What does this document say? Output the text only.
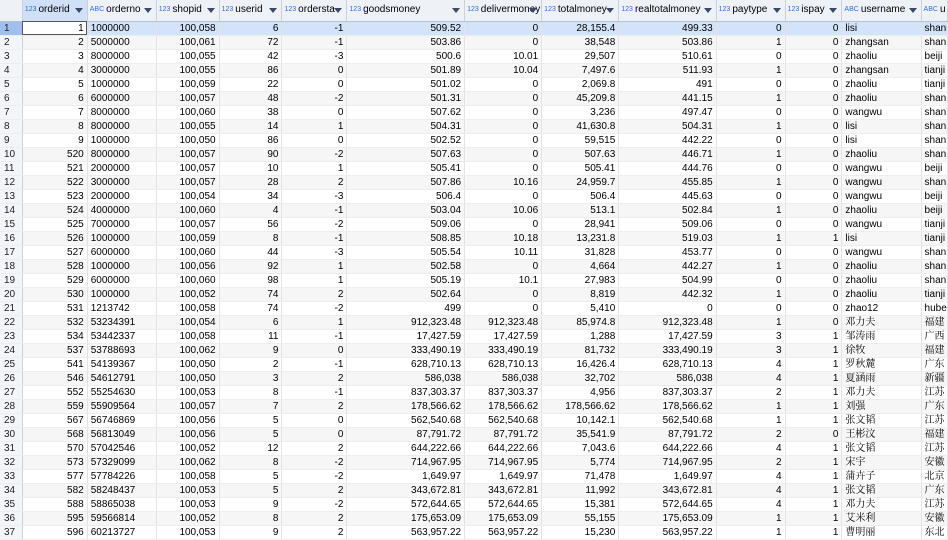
	123 orderid	ABC orderno	123 shopid	123 userid	123 ordersta	123 goodsmoney	123 delivermoney	123 totalmoney	123 realtotalmoney	123 paytype	123 ispay	ABC username	ABC u
1	1	1000000	100,058	6	-1	509.52	0	28,155.4	499.33	0	0	lisi	shan
2	2	5000000	100,061	72	-1	503.86	0	38,548	503.86	1	0	zhangsan	shan
3	3	8000000	100,055	42	-3	500.6	10.01	29,507	510.61	0	0	zhaoliu	beiji
4	4	3000000	100,055	86	0	501.89	10.04	7,497.6	511.93	1	0	zhangsan	tianji
5	5	1000000	100,059	22	0	501.02	0	2,069.8	491	0	0	zhaoliu	tianji
6	6	6000000	100,057	48	-2	501.31	0	45,209.8	441.15	1	0	zhaoliu	shan
7	7	8000000	100,060	38	0	507.62	0	3,236	497.47	0	0	wangwu	shan
8	8	8000000	100,055	14	1	504.31	0	41,630.8	504.31	1	0	lisi	shan
9	9	1000000	100,050	86	0	502.52	0	59,515	442.22	0	0	lisi	shan
10	520	8000000	100,057	90	-2	507.63	0	507.63	446.71	1	0	zhaoliu	shan
11	521	2000000	100,057	10	1	505.41	0	505.41	444.76	0	0	wangwu	beiji
12	522	3000000	100,057	28	2	507.86	10.16	24,959.7	455.85	1	0	wangwu	shan
13	523	2000000	100,054	34	-3	506.4	0	506.4	445.63	0	0	wangwu	beiji
14	524	4000000	100,060	4	-1	503.04	10.06	513.1	502.84	1	0	zhaoliu	beiji
15	525	7000000	100,057	56	-2	509.06	0	28,941	509.06	0	0	wangwu	tianji
16	526	1000000	100,059	8	-1	508.85	10.18	13,231.8	519.03	1	1	lisi	tianji
17	527	6000000	100,060	44	-3	505.54	10.11	31,828	453.77	0	0	wangwu	shan
18	528	1000000	100,056	92	1	502.58	0	4,664	442.27	1	0	zhaoliu	shan
19	529	6000000	100,060	98	1	505.19	10.1	27,983	504.99	0	0	zhaoliu	shan
20	530	1000000	100,052	74	2	502.64	0	8,819	442.32	1	0	zhaoliu	tianji
21	531	1213742	100,058	74	-2	499	0	5,410	0	0	0	zhao12	hube
22	532	53234391	100,054	6	1	912,323.48	912,323.48	85,974.8	912,323.48	1	0	邓力夫	福建
23	534	53442337	100,058	11	-1	17,427.59	17,427.59	1,288	17,427.59	3	1	邹涛雨	广西
24	537	53788693	100,062	9	0	333,490.19	333,490.19	81,732	333,490.19	3	1	徐牧	福建
25	541	54139367	100,050	2	-1	628,710.13	628,710.13	16,426.4	628,710.13	4	1	罗秋麓	广东
26	546	54612791	100,050	3	2	586,038	586,038	32,702	586,038	4	1	夏涵雨	新疆
27	552	55254630	100,053	8	-1	837,303.37	837,303.37	4,956	837,303.37	2	1	邓力夫	江苏
28	559	55909564	100,057	7	2	178,566.62	178,566.62	178,566.62	178,566.62	1	1	刘强	广东
29	567	56746869	100,056	5	0	562,540.68	562,540.68	10,142.1	562,540.68	1	1	张文韬	江苏
30	568	56813049	100,056	5	0	87,791.72	87,791.72	35,541.9	87,791.72	2	0	王彬汶	福建
31	570	57042546	100,052	12	2	644,222.66	644,222.66	7,043.6	644,222.66	4	1	张文韬	江苏
32	573	57329099	100,062	8	-2	714,967.95	714,967.95	5,774	714,967.95	2	1	宋宇	安徽
33	577	57784226	100,058	5	-2	1,649.97	1,649.97	71,478	1,649.97	4	1	蒲卉子	北京
34	582	58248437	100,053	5	2	343,672.81	343,672.81	11,992	343,672.81	4	1	张文韬	广东
35	588	58865038	100,053	9	-2	572,644.65	572,644.65	15,381	572,644.65	4	1	邓力夫	江苏
36	595	59566814	100,052	8	2	175,653.09	175,653.09	55,155	175,653.09	1	1	艾米利	安徽
37	596	60213727	100,053	9	2	563,957.22	563,957.22	15,230	563,957.22	1	1	曹明丽	东北
